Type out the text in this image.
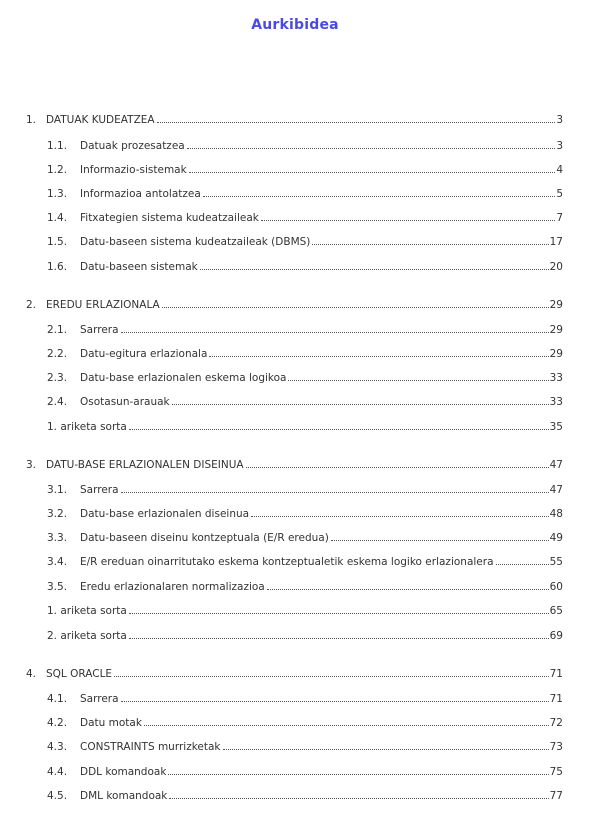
Aurkibidea
1. DATUAK KUDEATZEA	3
1.1. Datuak prozesatzea	3
1.2. Informazio-sistemak	4
1.3. Informazioa antolatzea	5
1.4. Fitxategien sistema kudeatzaileak	7
1.5. Datu-baseen sistema kudeatzaileak (DBMS)	17
1.6. Datu-baseen sistemak	20
2. EREDU ERLAZIONALA	29
2.1. Sarrera	29
2.2. Datu-egitura erlazionala	29
2.3. Datu-base erlazionalen eskema logikoa	33
2.4. Osotasun-arauak	33
1. ariketa sorta	35
3. DATU-BASE ERLAZIONALEN DISEINUA	47
3.1. Sarrera	47
3.2. Datu-base erlazionalen diseinua	48
3.3. Datu-baseen diseinu kontzeptuala (E/R eredua)	49
3.4. E/R ereduan oinarritutako eskema kontzeptualetik eskema logiko erlazionalera	55
3.5. Eredu erlazionalaren normalizazioa	60
1. ariketa sorta	65
2. ariketa sorta	69
4. SQL ORACLE	71
4.1. Sarrera	71
4.2. Datu motak	72
4.3. CONSTRAINTS murrizketak	73
4.4. DDL komandoak	75
4.5. DML komandoak	77
